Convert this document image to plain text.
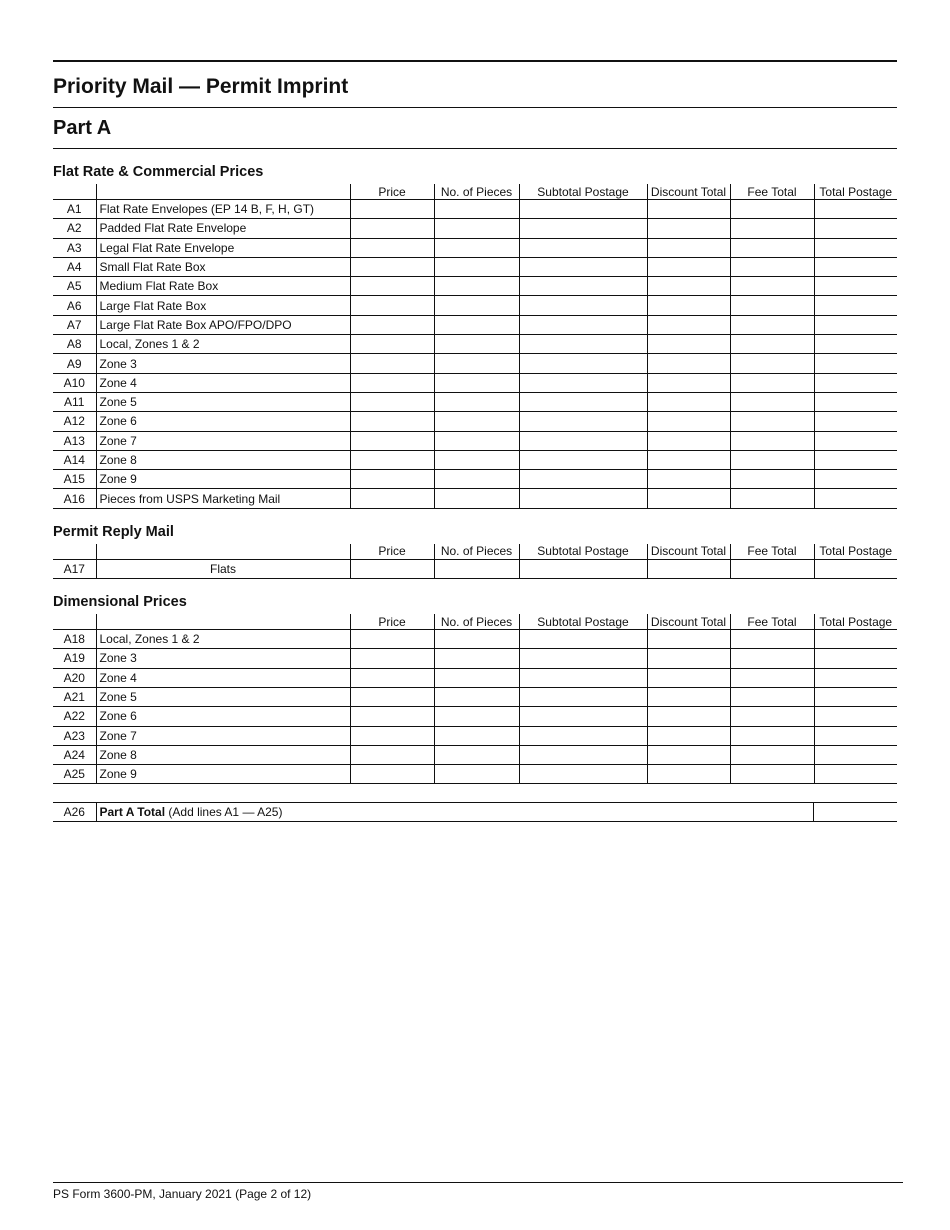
Priority Mail — Permit Imprint
Part A
Flat Rate & Commercial Prices
		Price	No. of Pieces	Subtotal Postage	Discount Total	Fee Total	Total Postage
A1	Flat Rate Envelopes (EP 14 B, F, H, GT)						
A2	Padded Flat Rate Envelope						
A3	Legal Flat Rate Envelope						
A4	Small Flat Rate Box						
A5	Medium Flat Rate Box						
A6	Large Flat Rate Box						
A7	Large Flat Rate Box APO/FPO/DPO						
A8	Local, Zones 1 & 2						
A9	Zone 3						
A10	Zone 4						
A11	Zone 5						
A12	Zone 6						
A13	Zone 7						
A14	Zone 8						
A15	Zone 9						
A16	Pieces from USPS Marketing Mail						
Permit Reply Mail
		Price	No. of Pieces	Subtotal Postage	Discount Total	Fee Total	Total Postage
A17	Flats						
Dimensional Prices
		Price	No. of Pieces	Subtotal Postage	Discount Total	Fee Total	Total Postage
A18	Local, Zones 1 & 2						
A19	Zone 3						
A20	Zone 4						
A21	Zone 5						
A22	Zone 6						
A23	Zone 7						
A24	Zone 8						
A25	Zone 9						
A26	Part A Total (Add lines A1 — A25)	
PS Form 3600-PM, January 2021 (Page 2 of 12)
